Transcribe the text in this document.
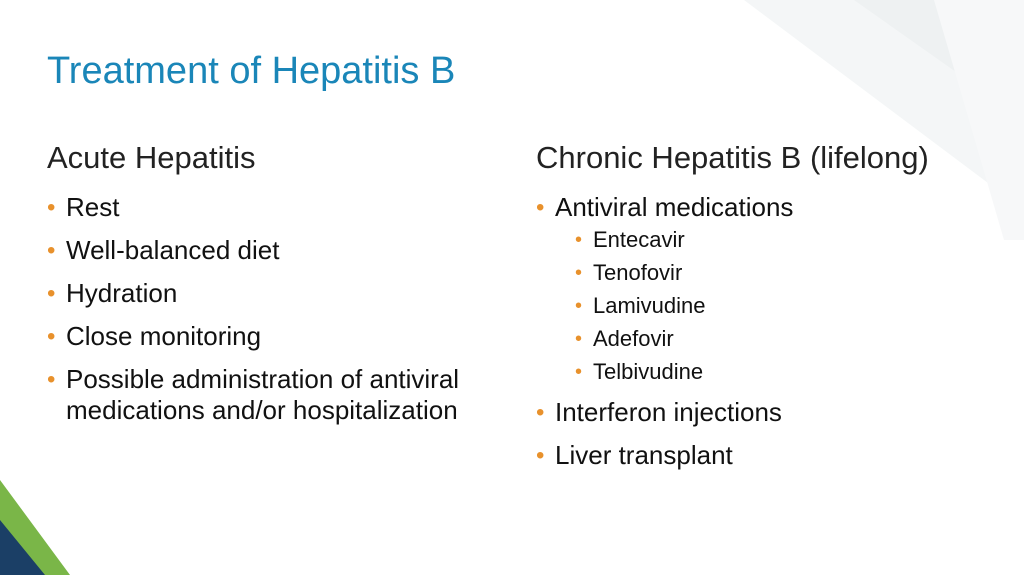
Treatment of Hepatitis B
Acute Hepatitis
• Rest
• Well-balanced diet
• Hydration
• Close monitoring
• Possible administration of antiviral medications and/or hospitalization
Chronic Hepatitis B (lifelong)
• Antiviral medications
• Entecavir
• Tenofovir
• Lamivudine
• Adefovir
• Telbivudine
• Interferon injections
• Liver transplant
